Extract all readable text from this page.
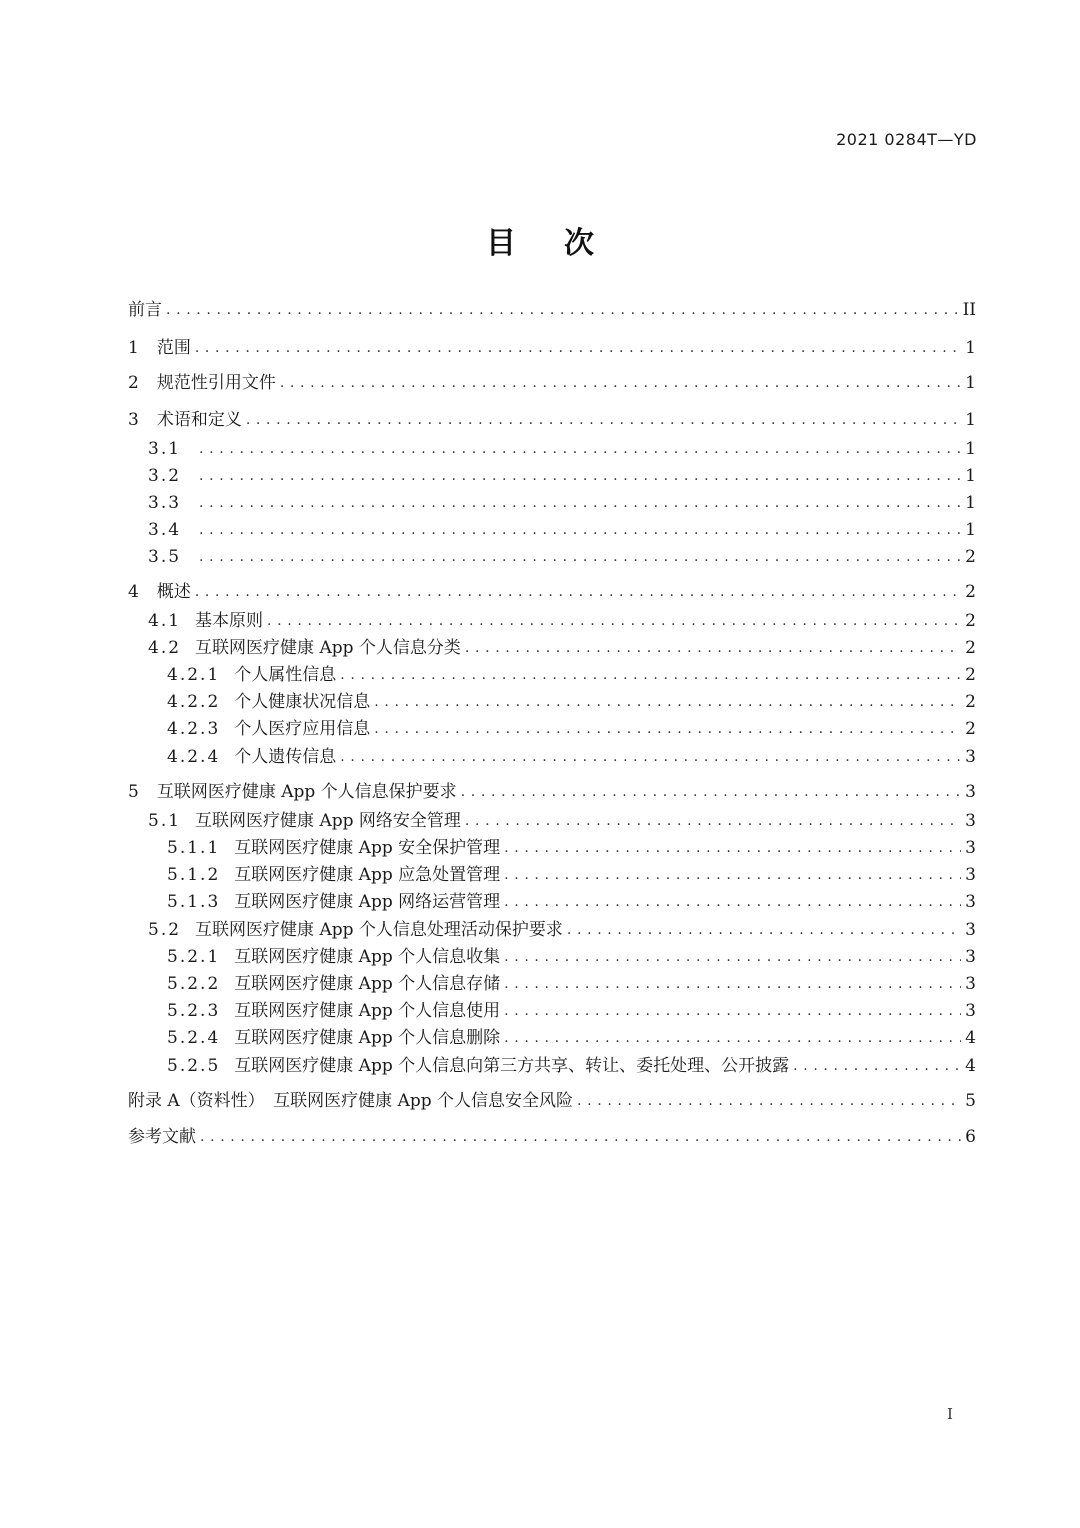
2021 0284T—YD
目次
前言 . . .	II
1 范围 . . .	1
2 规范性引用文件 . . .	1
3 术语和定义 . . .	1
3.1 . . .	1
3.2 . . .	1
3.3 . . .	1
3.4 . . .	1
3.5 . . .	2
4 概述 . . .	2
4.1 基本原则 . . .	2
4.2 互联网医疗健康 App 个人信息分类 . . .	2
4.2.1 个人属性信息 . . .	2
4.2.2 个人健康状况信息 . . .	2
4.2.3 个人医疗应用信息 . . .	2
4.2.4 个人遗传信息 . . .	3
5 互联网医疗健康 App 个人信息保护要求 . . .	3
5.1 互联网医疗健康 App 网络安全管理 . . .	3
5.1.1 互联网医疗健康 App 安全保护管理 . . .	3
5.1.2 互联网医疗健康 App 应急处置管理 . . .	3
5.1.3 互联网医疗健康 App 网络运营管理 . . .	3
5.2 互联网医疗健康 App 个人信息处理活动保护要求 . . .	3
5.2.1 互联网医疗健康 App 个人信息收集 . . .	3
5.2.2 互联网医疗健康 App 个人信息存储 . . .	3
5.2.3 互联网医疗健康 App 个人信息使用 . . .	3
5.2.4 互联网医疗健康 App 个人信息删除 . . .	4
5.2.5 互联网医疗健康 App 个人信息向第三方共享、转让、委托处理、公开披露 . . .	4
附录 A（资料性）　互联网医疗健康 App 个人信息安全风险 . . .	5
参考文献 . . .	6
I
